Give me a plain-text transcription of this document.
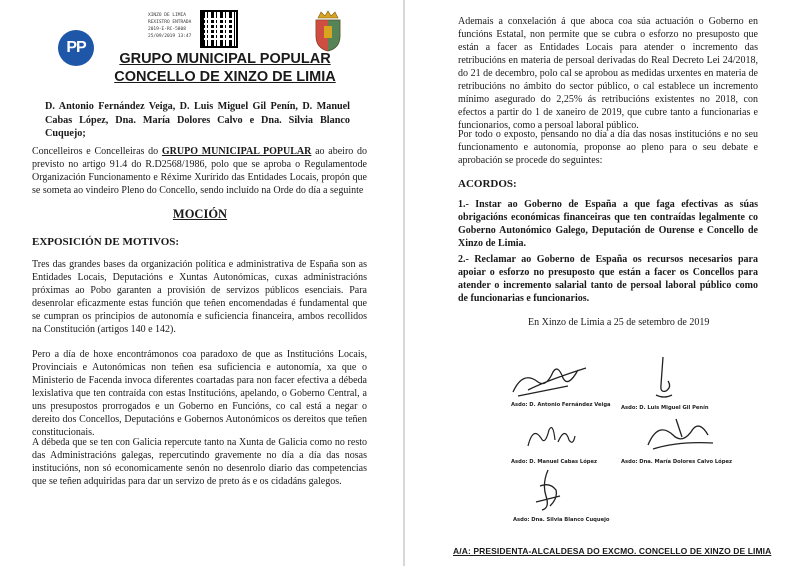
PP
XINZO DE LIMIA
REXISTRO ENTRADA
2019-E-RC-5808
25/09/2019 13:47
GRUPO MUNICIPAL POPULAR
CONCELLO DE XINZO DE LIMIA

D. Antonio Fernández Veiga, D. Luis Miguel Gil Penín, D. Manuel Cabas López, Dna. María Dolores Calvo e Dna. Silvia Blanco Cuquejo;

Concelleiros e Concelleiras do GRUPO MUNICIPAL POPULAR ao abeiro do previsto no artigo 91.4 do R.D2568/1986, polo que se aproba o Regulamentode Organización Funcionamento e Réxime Xurírido das Entidades Locais, propón que se someta ao vindeiro Pleno do Concello, sendo incluído na Orde do día a seguinte

MOCIÓN
EXPOSICIÓN DE MOTIVOS:

Tres das grandes bases da organización política e administrativa de España son as Entidades Locais, Deputacións e Xuntas Autonómicas, cuxas administracións próximas ao Pobo garanten a provisión de servizos públicos esenciais. Para desenrolar eficazmente estas función que teñen encomendadas é fundamental que se cumpran os principios de autonomía e suficiencia financeira, ambos recollidos na Constitución (artigos 140 e 142).

Pero a día de hoxe encontrámonos coa paradoxo de que as Institucións Locais, Provinciais e Autonómicas non teñen esa suficiencia e autonomía, xa que o Ministerio de Facenda invoca diferentes coartadas para non facer efectiva a débeda lexislativa que ten contraída con estas Institucións, apelando, o Goberno Central, a uns presupostos prorrogados e un Goberno en Funcións, co cal está a negar o dereito dos Concellos, Deputacións e Gobernos Autonómicos os dereitos que teñen constitucionais.

A débeda que se ten con Galicia repercute tanto na Xunta de Galicia como no resto das Administracións galegas, repercutindo gravemente no día a día das nosas institucións, non só economicamente senón no desenrolo diario das competencias que se teñen adquiridas para dar un servizo de preto ás e os cidadáns galegos.

Ademais a conxelación á que aboca coa súa actuación o Goberno en funcións Estatal, non permite que se cubra o esforzo no presuposto que están a facer as Entidades Locais para atender o incremento das retribucións en materia de persoal derivadas do Real Decreto Lei 24/2018, do 21 de decembro, polo cal se aprobou as medidas urxentes en materia de retribucións no ámbito do sector público, o cal establece un incremento mínimo asegurado do 2,25% ás retribucións existentes no 2018, con efectos a partir do 1 de xaneiro de 2019, que cubre tanto a funcionarias e funcionarios, como a persoal laboral público.

Por todo o exposto, pensando no día a día das nosas institucións e no seu funcionamento e autonomía, proponse ao pleno para o seu debate e aprobación se procede do seguintes:

ACORDOS:

1.- Instar ao Goberno de España a que faga efectivas as súas obrigacións económicas financeiras que ten contraídas legalmente co Goberno Autonómico Galego, Deputación de Ourense e Concello de Xinzo de Limia.

2.- Reclamar ao Goberno de España os recursos necesarios para apoiar o esforzo no presuposto que están a facer os Concellos para atender o incremento salarial tanto de persoal laboral público como de funcionarias e funcionarios.

En Xinzo de Limia a 25 de setembro de 2019
Asdo: D. Antonio Fernández Veiga Asdo: D. Luis Miguel Gil Penín
Asdo: D. Manuel Cabas López	Asdo: Dna. María Dolores Calvo López
Asdo: Dna. Silvia Blanco Cuquejo
A/A: PRESIDENTA-ALCALDESA DO EXCMO. CONCELLO DE XINZO DE LIMIA
